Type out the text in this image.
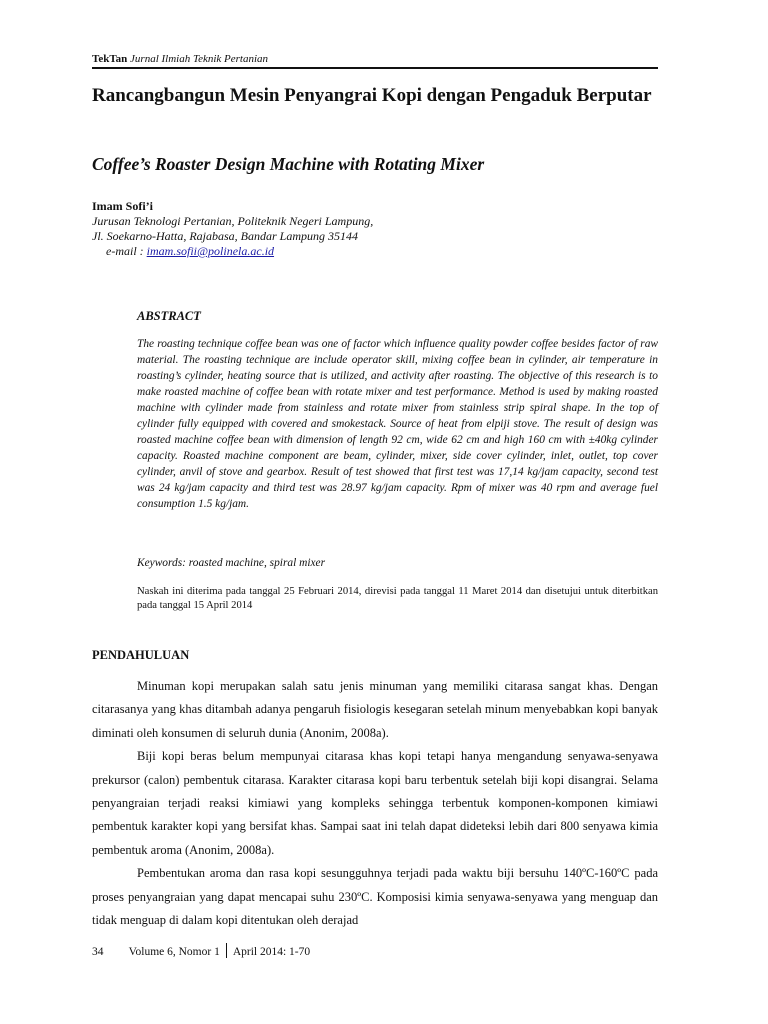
TekTan Jurnal Ilmiah Teknik Pertanian
Rancangbangun Mesin Penyangrai Kopi dengan Pengaduk Berputar
Coffee’s Roaster Design Machine with Rotating Mixer
Imam Sofi’i
Jurusan Teknologi Pertanian, Politeknik Negeri Lampung,
Jl. Soekarno-Hatta, Rajabasa, Bandar Lampung 35144
e-mail : imam.sofii@polinela.ac.id
ABSTRACT

The roasting technique coffee bean was one of factor which influence quality powder coffee besides factor of raw material. The roasting technique are include operator skill, mixing coffee bean in cylinder, air temperature in roasting’s cylinder, heating source that is utilized, and activity after roasting. The objective of this research is to make roasted machine of coffee bean with rotate mixer and test performance. Method is used by making roasted machine with cylinder made from stainless and rotate mixer from stainless strip spiral shape. In the top of cylinder fully equipped with covered and smokestack. Source of heat from elpiji stove. The result of design was roasted machine coffee bean with dimension of length 92 cm, wide 62 cm and high 160 cm with ±40kg cylinder capacity. Roasted machine component are beam, cylinder, mixer, side cover cylinder, inlet, outlet, top cover cylinder, anvil of stove and gearbox. Result of test showed that first test was 17,14 kg/jam capacity, second test was 24 kg/jam capacity and third test was 28.97 kg/jam capacity. Rpm of mixer was 40 rpm and average fuel consumption 1.5 kg/jam.

Keywords: roasted machine, spiral mixer
Naskah ini diterima pada tanggal 25 Februari 2014, direvisi pada tanggal 11 Maret 2014 dan disetujui untuk diterbitkan pada tanggal 15 April 2014
PENDAHULUAN

Minuman kopi merupakan salah satu jenis minuman yang memiliki citarasa sangat khas. Dengan citarasanya yang khas ditambah adanya pengaruh fisiologis kesegaran setelah minum menyebabkan kopi banyak diminati oleh konsumen di seluruh dunia (Anonim, 2008a).

Biji kopi beras belum mempunyai citarasa khas kopi tetapi hanya mengandung senyawa-senyawa prekursor (calon) pembentuk citarasa. Karakter citarasa kopi baru terbentuk setelah biji kopi disangrai. Selama penyangraian terjadi reaksi kimiawi yang kompleks sehingga terbentuk komponen-komponen kimiawi pembentuk karakter kopi yang bersifat khas. Sampai saat ini telah dapat dideteksi lebih dari 800 senyawa kimia pembentuk aroma (Anonim, 2008a).

Pembentukan aroma dan rasa kopi sesungguhnya terjadi pada waktu biji bersuhu 140ºC-160ºC pada proses penyangraian yang dapat mencapai suhu 230ºC. Komposisi kimia senyawa-senyawa yang menguap dan tidak menguap di dalam kopi ditentukan oleh derajad

34 Volume 6, Nomor 1 April 2014: 1-70
